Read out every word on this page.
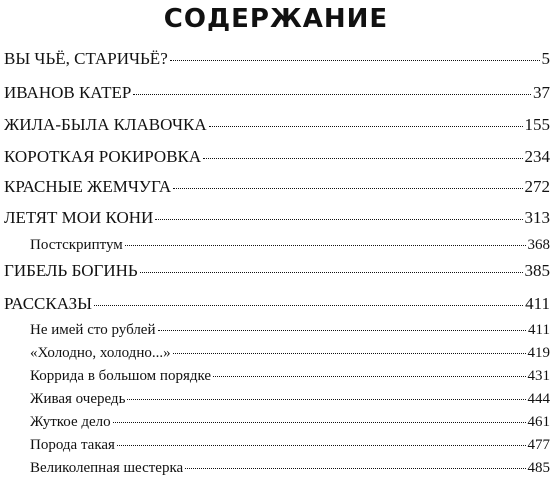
СОДЕРЖАНИЕ
ВЫ ЧЬЁ, СТАРИЧЬЁ?	5
ИВАНОВ КАТЕР	37
ЖИЛА-БЫЛА КЛАВОЧКА	155
КОРОТКАЯ РОКИРОВКА	234
КРАСНЫЕ ЖЕМЧУГА	272
ЛЕТЯТ МОИ КОНИ	313
Постскриптум	368
ГИБЕЛЬ БОГИНЬ	385
РАССКАЗЫ	411
Не имей сто рублей	411
«Холодно, холодно...»	419
Коррида в большом порядке	431
Живая очередь	444
Жуткое дело	461
Порода такая	477
Великолепная шестерка	485
